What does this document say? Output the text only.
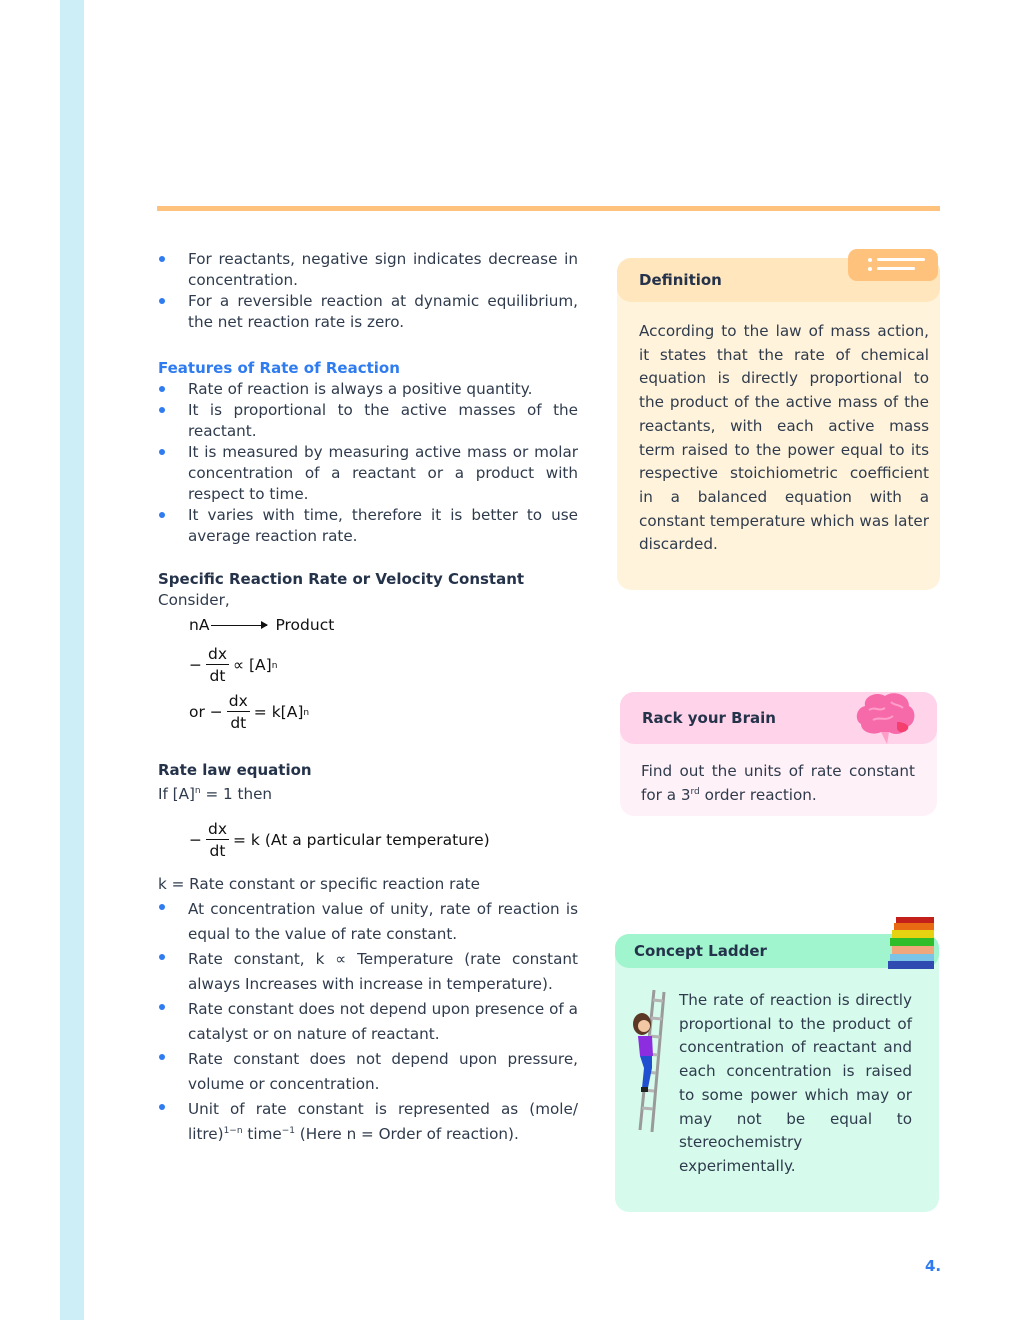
For reactants, negative sign indicates decrease in concentration.
For a reversible reaction at dynamic equilibrium, the net reaction rate is zero.
Features of Rate of Reaction
Rate of reaction is always a positive quantity.
It is proportional to the active masses of the reactant.
It is measured by measuring active mass or molar concentration of a reactant or a product with respect to time.
It varies with time, therefore it is better to use average reaction rate.
Specific Reaction Rate or Velocity Constant

Consider,

nA	Product
− $\frac{dx}{dt} \propto [A]$ n
or − $\frac{dx}{dt} = k[A]$ n
Rate law equation

If $[A]^n = 1$ then

− $\frac{dx}{dt} = k$ (At a particular temperature)

k = Rate constant or specific reaction rate

At concentration value of unity, rate of reaction is equal to the value of rate constant.
Rate constant, k ∝ Temperature (rate constant always Increases with increase in temperature).
Rate constant does not depend upon presence of a catalyst or on nature of reactant.
Rate constant does not depend upon pressure, volume or concentration.
Unit of rate constant is represented as (mole/ litre)$^{1-n}$ time$^{-1}$ (Here n = Order of reaction).
Definition
According to the law of mass action, it states that the rate of chemical equation is directly proportional to the product of the active mass of the reactants, with each active mass term raised to the power equal to its respective stoichiometric coefficient in a balanced equation with a constant temperature which was later discarded.
Rack your Brain
Find out the units of rate constant for a 3rd order reaction.
Concept Ladder
The rate of reaction is directly proportional to the product of concentration of reactant and each concentration is raised to some power which may or may not be equal to stereochemistry experimentally.
4.
